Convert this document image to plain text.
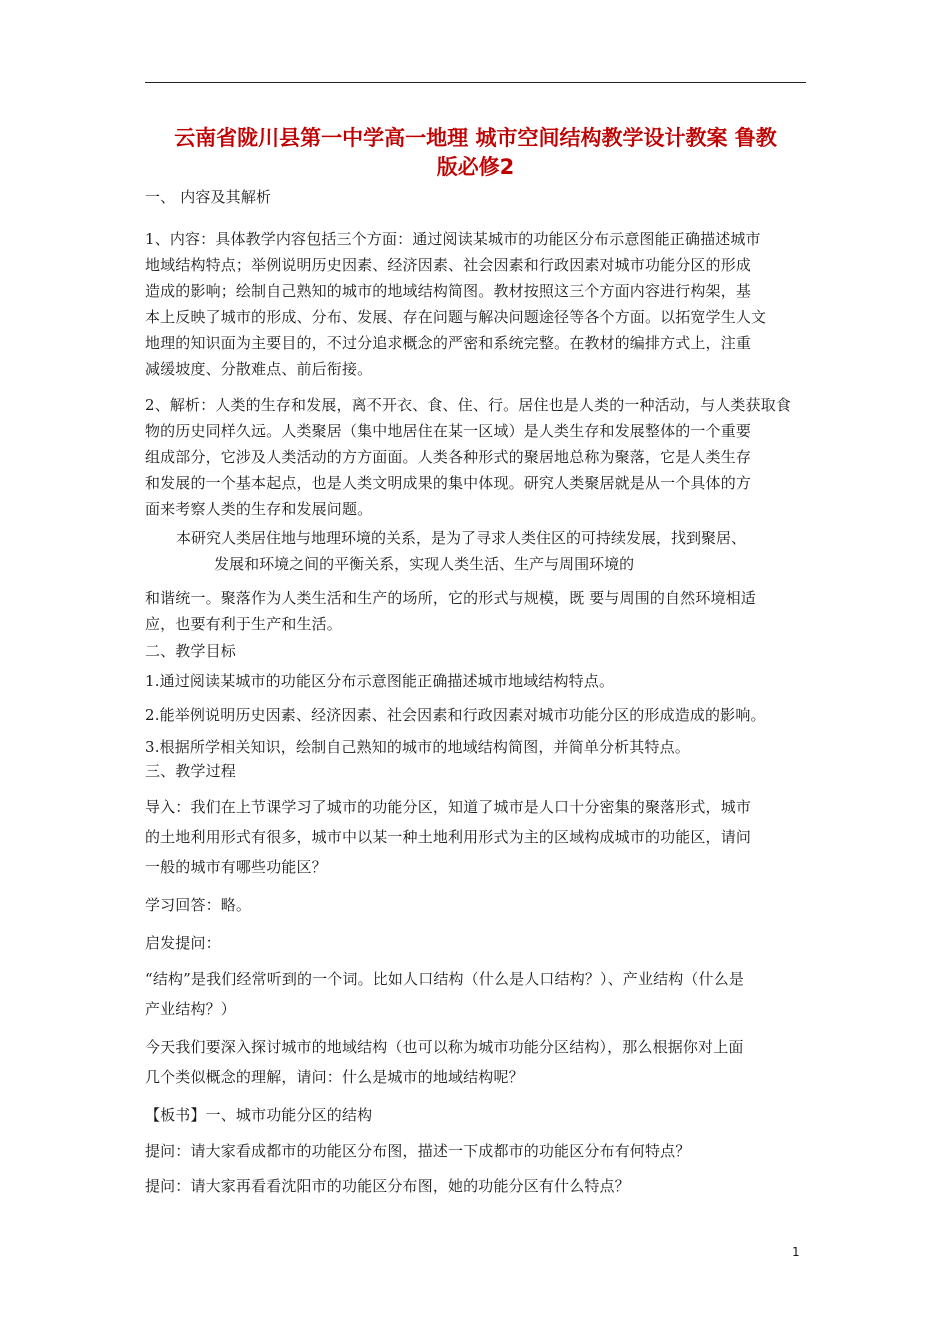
云南省陇川县第一中学高一地理 城市空间结构教学设计教案 鲁教
版必修2
一、 内容及其解析
1、内容：具体教学内容包括三个方面：通过阅读某城市的功能区分布示意图能正确描述城市
地域结构特点；举例说明历史因素、经济因素、社会因素和行政因素对城市功能分区的形成
造成的影响；绘制自己熟知的城市的地域结构简图。教材按照这三个方面内容进行构架，基
本上反映了城市的形成、分布、发展、存在问题与解决问题途径等各个方面。以拓宽学生人文
地理的知识面为主要目的，不过分追求概念的严密和系统完整。在教材的编排方式上，注重
减缓坡度、分散难点、前后衔接。
2、解析：人类的生存和发展，离不开衣、食、住、行。居住也是人类的一种活动，与人类获取食
物的历史同样久远。人类聚居（集中地居住在某一区域）是人类生存和发展整体的一个重要
组成部分，它涉及人类活动的方方面面。人类各种形式的聚居地总称为聚落，它是人类生存
和发展的一个基本起点，也是人类文明成果的集中体现。研究人类聚居就是从一个具体的方
面来考察人类的生存和发展问题。
和谐统一。聚落作为人类生活和生产的场所，它的形式与规模，既 要与周围的自然环境相适
应，也要有利于生产和生活。
二、教学目标
1.通过阅读某城市的功能区分布示意图能正确描述城市地域结构特点。
2.能举例说明历史因素、经济因素、社会因素和行政因素对城市功能分区的形成造成的影响。
3.根据所学相关知识，绘制自己熟知的城市的地域结构简图，并简单分析其特点。
三、教学过程
导入：我们在上节课学习了城市的功能分区，知道了城市是人口十分密集的聚落形式，城市
的土地利用形式有很多，城市中以某一种土地利用形式为主的区域构成城市的功能区，请问
一般的城市有哪些功能区？
学习回答：略。
启发提问：
“结构”是我们经常听到的一个词。比如人口结构（什么是人口结构？）、产业结构（什么是
产业结构？）
今天我们要深入探讨城市的地域结构（也可以称为城市功能分区结构），那么根据你对上面
几个类似概念的理解，请问：什么是城市的地域结构呢？
【板书】一、城市功能分区的结构
提问：请大家看成都市的功能区分布图，描述一下成都市的功能区分布有何特点？
提问：请大家再看看沈阳市的功能区分布图，她的功能分区有什么特点？
本研究人类居住地与地理环境的关系，是为了寻求人类住区的可持续发展，找到聚居、
发展和环境之间的平衡关系，实现人类生活、生产与周围环境的
1
